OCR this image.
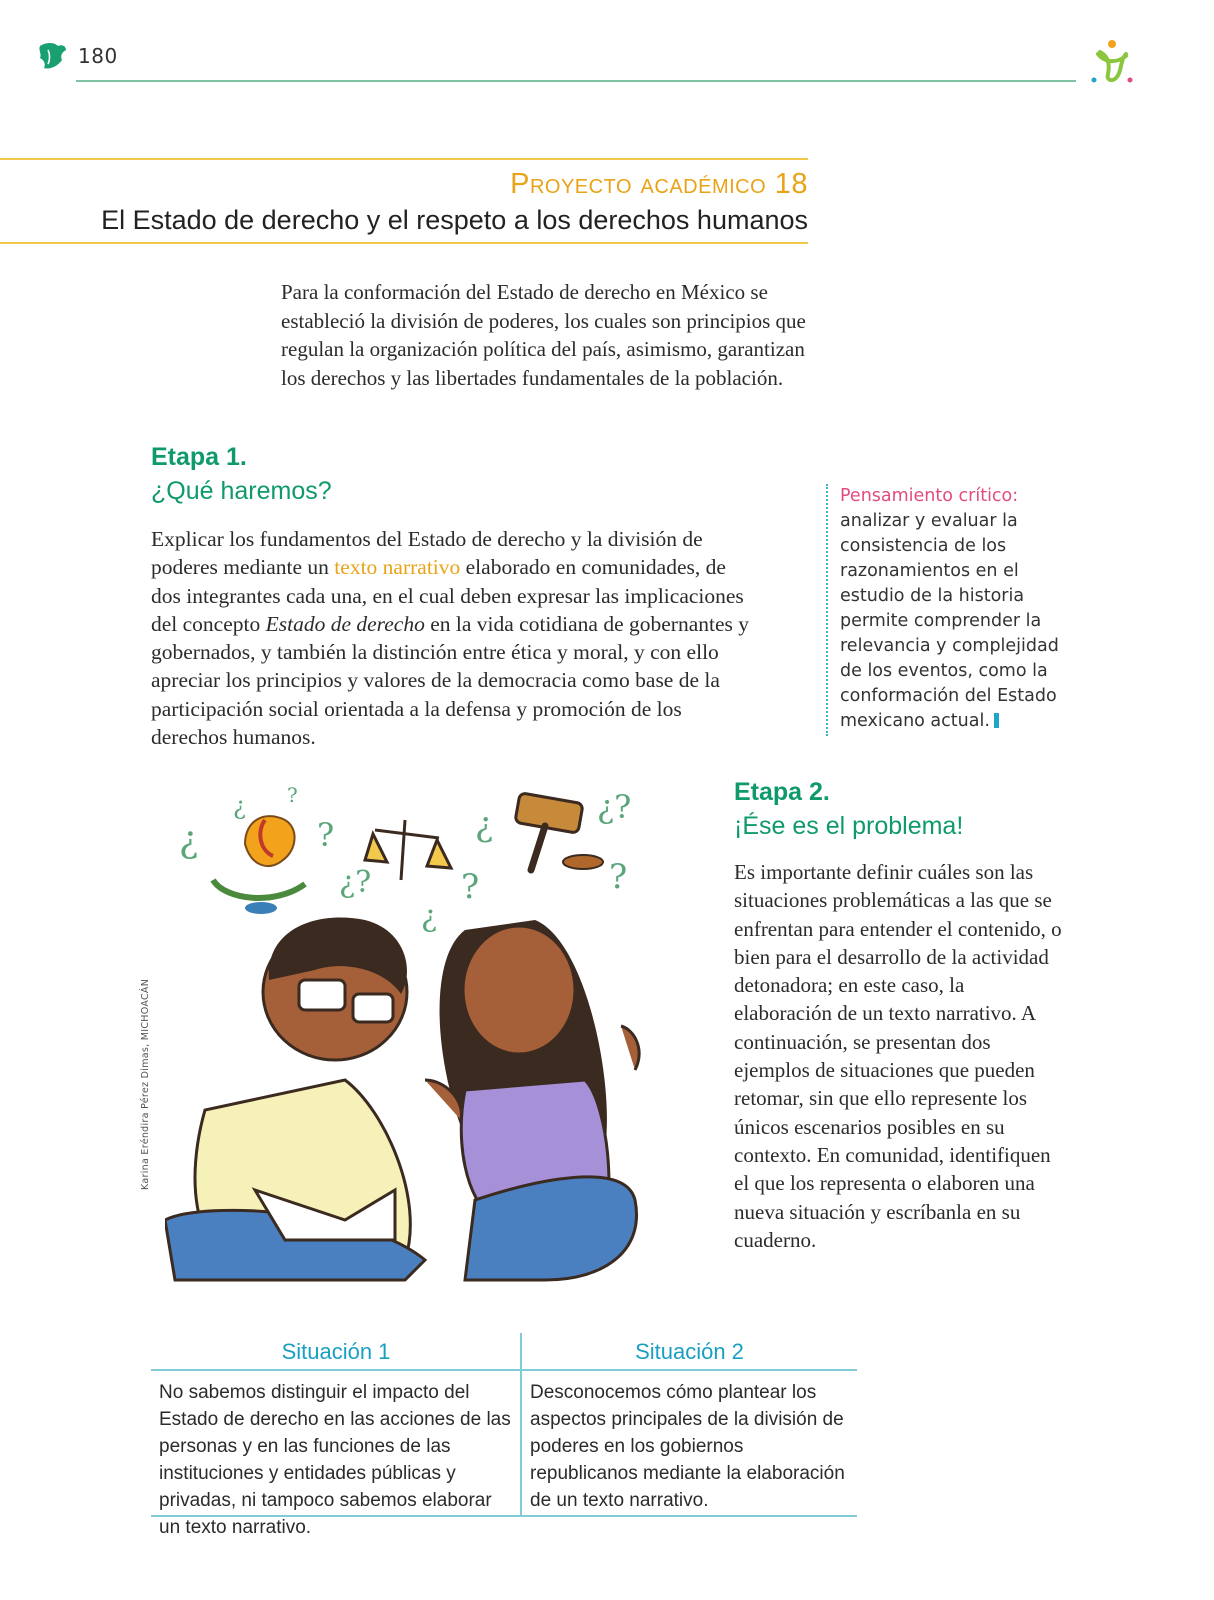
180
Proyecto académico 18
El Estado de derecho y el respeto a los derechos humanos

Para la conformación del Estado de derecho en México se estableció la división de poderes, los cuales son principios que regulan la organización política del país, asimismo, garantizan los derechos y las libertades fundamentales de la población.

Etapa 1.
¿Qué haremos?

Explicar los fundamentos del Estado de derecho y la división de poderes mediante un texto narrativo elaborado en comunidades, de dos integrantes cada una, en el cual deben expresar las implicaciones del concepto Estado de derecho en la vida cotidiana de gobernantes y gobernados, y también la distinción entre ética y moral, y con ello apreciar los principios y valores de la democracia como base de la participación social orientada a la defensa y promoción de los derechos humanos.

Pensamiento crítico: analizar y evaluar la consistencia de los razonamientos en el estudio de la historia permite comprender la relevancia y complejidad de los eventos, como la conformación del Estado mexicano actual.
Etapa 2.
¡Ése es el problema!

Es importante definir cuáles son las situaciones problemáticas a las que se enfrentan para entender el contenido, o bien para el desarrollo de la actividad detonadora; en este caso, la elaboración de un texto narrativo. A continuación, se presentan dos ejemplos de situaciones que pueden retomar, sin que ello represente los únicos escenarios posibles en su contexto. En comunidad, identifiquen el que los representa o elaboren una nueva situación y escríbanla en su cuaderno.

¿
¿ ?
?
¿?
¿
?
¿	¿?
?
Karina Eréndira Pérez Dimas, MICHOACÁN
Situación 1
No sabemos distinguir el impacto del Estado de derecho en las acciones de las personas y en las funciones de las instituciones y entidades públicas y privadas, ni tampoco sabemos elaborar un texto narrativo.
Situación 2
Desconocemos cómo plantear los aspectos principales de la división de poderes en los gobiernos republicanos mediante la elaboración de un texto narrativo.
